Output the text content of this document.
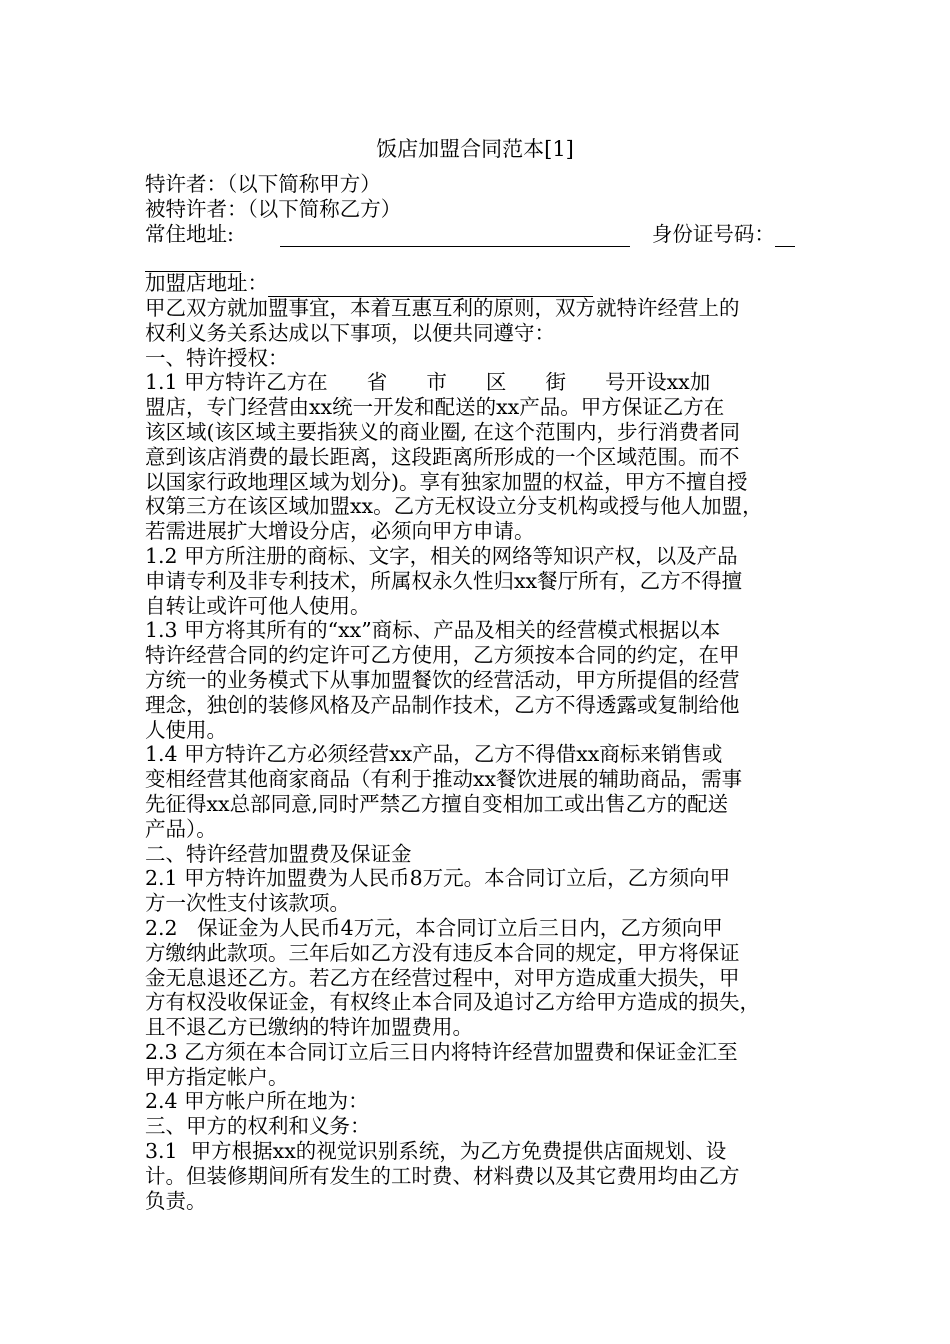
饭店加盟合同范本[1]
特许者：（以下简称甲方）
被特许者：（以下简称乙方）
常住地址:	身份证号码：

加盟店地址：
甲乙双方就加盟事宜，本着互惠互利的原则，双方就特许经营上的
权利义务关系达成以下事项，以便共同遵守：
一、特许授权：
1.1 甲方特许乙方在      省      市      区      街      号开设xx加
盟店，专门经营由xx统一开发和配送的xx产品。甲方保证乙方在
该区域(该区域主要指狭义的商业圈, 在这个范围内，步行消费者同
意到该店消费的最长距离，这段距离所形成的一个区域范围。而不
以国家行政地理区域为划分)。享有独家加盟的权益，甲方不擅自授
权第三方在该区域加盟xx。乙方无权设立分支机构或授与他人加盟，
若需进展扩大增设分店，必须向甲方申请。
1.2 甲方所注册的商标、文字，相关的网络等知识产权，以及产品
申请专利及非专利技术，所属权永久性归xx餐厅所有，乙方不得擅
自转让或许可他人使用。
1.3 甲方将其所有的“xx”商标、产品及相关的经营模式根据以本
特许经营合同的约定许可乙方使用，乙方须按本合同的约定，在甲
方统一的业务模式下从事加盟餐饮的经营活动，甲方所提倡的经营
理念，独创的装修风格及产品制作技术，乙方不得透露或复制给他
人使用。
1.4 甲方特许乙方必须经营xx产品，乙方不得借xx商标来销售或
变相经营其他商家商品（有利于推动xx餐饮进展的辅助商品，需事
先征得xx总部同意,同时严禁乙方擅自变相加工或出售乙方的配送
产品）。
二、特许经营加盟费及保证金
2.1 甲方特许加盟费为人民币8万元。本合同订立后，乙方须向甲
方一次性支付该款项。
2.2   保证金为人民币4万元，本合同订立后三日内，乙方须向甲
方缴纳此款项。三年后如乙方没有违反本合同的规定，甲方将保证
金无息退还乙方。若乙方在经营过程中，对甲方造成重大损失，甲
方有权没收保证金，有权终止本合同及追讨乙方给甲方造成的损失，
且不退乙方已缴纳的特许加盟费用。
2.3 乙方须在本合同订立后三日内将特许经营加盟费和保证金汇至
甲方指定帐户。
2.4 甲方帐户所在地为：
三、甲方的权利和义务：
3.1  甲方根据xx的视觉识别系统，为乙方免费提供店面规划、设
计。但装修期间所有发生的工时费、材料费以及其它费用均由乙方
负责。
